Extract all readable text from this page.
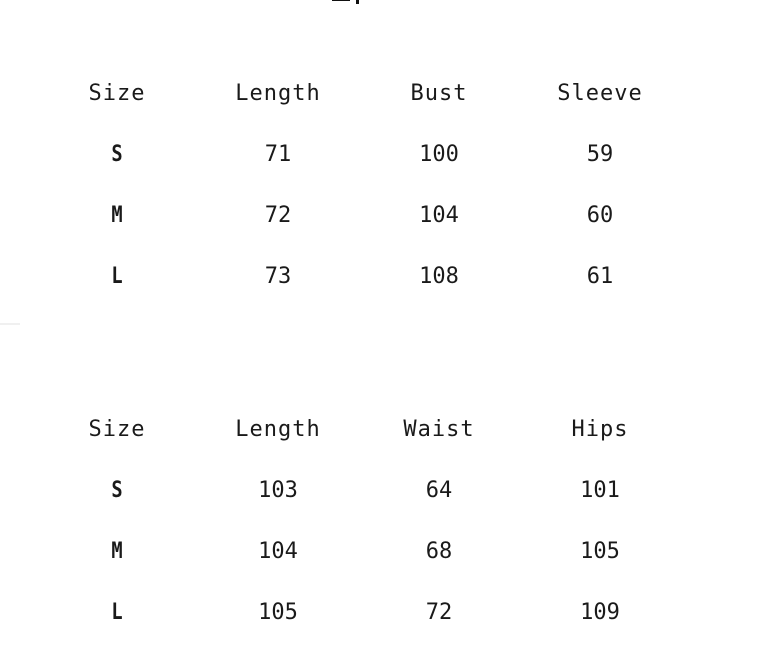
Size	Length	Bust	Sleeve
S	71	100	59
M	72	104	60
L	73	108	61
Size	Length	Waist	Hips
S	103	64	101
M	104	68	105
L	105	72	109
